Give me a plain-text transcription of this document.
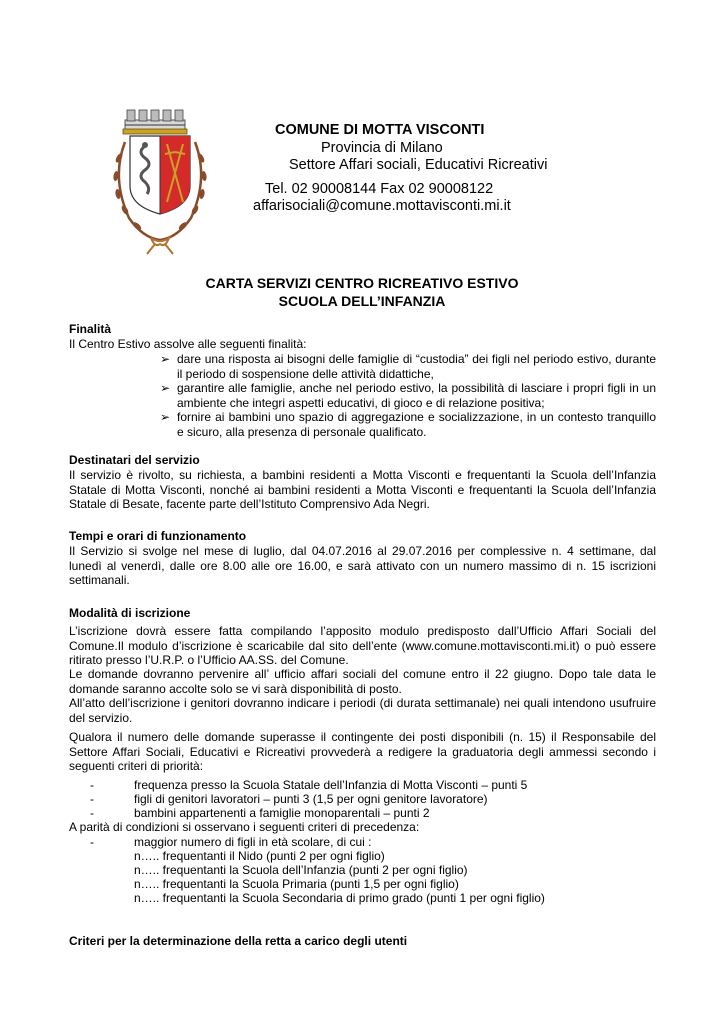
COMUNE DI MOTTA VISCONTI
Provincia di Milano
Settore Affari sociali, Educativi Ricreativi
Tel. 02 90008144 Fax 02 90008122
affarisociali@comune.mottavisconti.mi.it
CARTA SERVIZI CENTRO RICREATIVO ESTIVO
SCUOLA DELL’INFANZIA
Finalità
Il Centro Estivo assolve alle seguenti finalità:
➢ dare una risposta ai bisogni delle famiglie di “custodia” dei figli nel periodo estivo, durante il periodo di sospensione delle attività didattiche,
➢ garantire alle famiglie, anche nel periodo estivo, la possibilità di lasciare i propri figli in un ambiente che integri aspetti educativi, di gioco e di relazione positiva;
➢ fornire ai bambini uno spazio di aggregazione e socializzazione, in un contesto tranquillo e sicuro, alla presenza di personale qualificato.
Destinatari del servizio
Il servizio è rivolto, su richiesta, a bambini residenti a Motta Visconti e frequentanti la Scuola dell’Infanzia Statale di Motta Visconti, nonché ai bambini residenti a Motta Visconti e frequentanti la Scuola dell’Infanzia Statale di Besate, facente parte dell’Istituto Comprensivo Ada Negri.
Tempi e orari di funzionamento
Il Servizio si svolge nel mese di luglio, dal 04.07.2016 al 29.07.2016 per complessive n. 4 settimane, dal lunedì al venerdì, dalle ore 8.00 alle ore 16.00, e sarà attivato con un numero massimo di n. 15 iscrizioni settimanali.
Modalità di iscrizione
L’iscrizione dovrà essere fatta compilando l’apposito modulo predisposto dall’Ufficio Affari Sociali del Comune.Il modulo d’iscrizione è scaricabile dal sito dell’ente (www.comune.mottavisconti.mi.it) o può essere ritirato presso l’U.R.P. o l’Ufficio AA.SS. del Comune.
Le domande dovranno pervenire all’ ufficio affari sociali del comune entro il 22 giugno. Dopo tale data le domande saranno accolte solo se vi sarà disponibilità di posto.
All’atto dell’iscrizione i genitori dovranno indicare i periodi (di durata settimanale) nei quali intendono usufruire del servizio.
Qualora il numero delle domande superasse il contingente dei posti disponibili (n. 15) il Responsabile del Settore Affari Sociali, Educativi e Ricreativi provvederà a redigere la graduatoria degli ammessi secondo i seguenti criteri di priorità:
-	frequenza presso la Scuola Statale dell’Infanzia di Motta Visconti – punti 5
-	figli di genitori lavoratori – punti 3 (1,5 per ogni genitore lavoratore)
-	bambini appartenenti a famiglie monoparentali – punti 2
A parità di condizioni si osservano i seguenti criteri di precedenza:
-	maggior numero di figli in età scolare, di cui :
n….. frequentanti il Nido (punti 2 per ogni figlio)
n….. frequentanti la Scuola dell’Infanzia (punti 2 per ogni figlio)
n….. frequentanti la Scuola Primaria (punti 1,5 per ogni figlio)
n….. frequentanti la Scuola Secondaria di primo grado (punti 1 per ogni figlio)
Criteri per la determinazione della retta a carico degli utenti
